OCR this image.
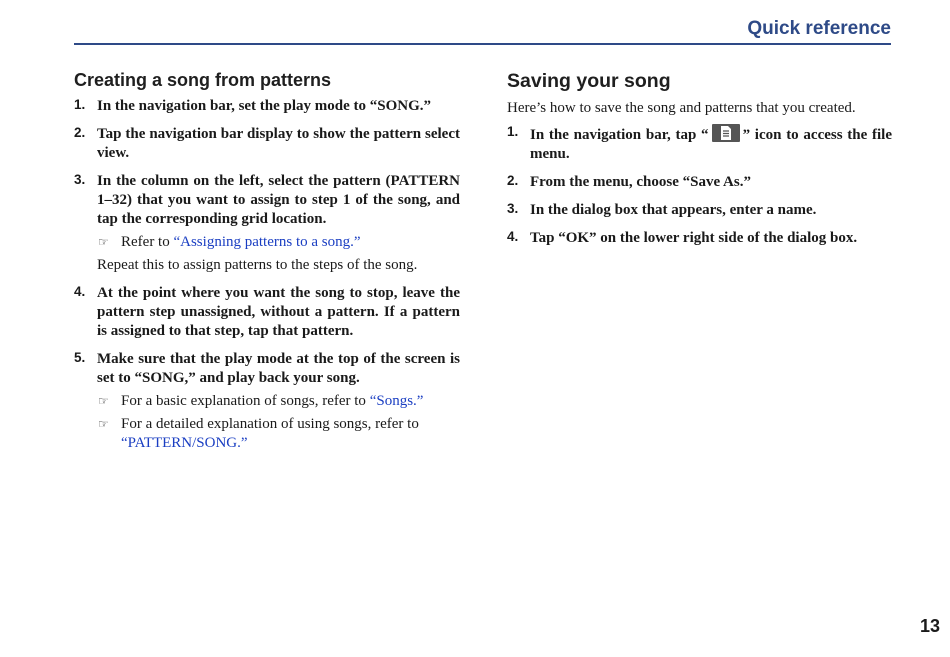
Quick reference
Creating a song from patterns
1. In the navigation bar, set the play mode to “SONG.”
2. Tap the navigation bar display to show the pattern select view.
3. In the column on the left, select the pattern (PATTERN 1–32) that you want to assign to step 1 of the song, and tap the corresponding grid location.
☞ Refer to “Assigning patterns to a song.”
Repeat this to assign patterns to the steps of the song.
4. At the point where you want the song to stop, leave the pattern step unassigned, without a pattern. If a pattern is assigned to that step, tap that pattern.
5. Make sure that the play mode at the top of the screen is set to “SONG,” and play back your song.
☞ For a basic explanation of songs, refer to “Songs.”
☞ For a detailed explanation of using songs, refer to “PATTERN/SONG.”
Saving your song

Here’s how to save the song and patterns that you created.

1. In the navigation bar, tap “ ” icon to access the file menu.
2. From the menu, choose “Save As.”
3. In the dialog box that appears, enter a name.
4. Tap “OK” on the lower right side of the dialog box.
13
